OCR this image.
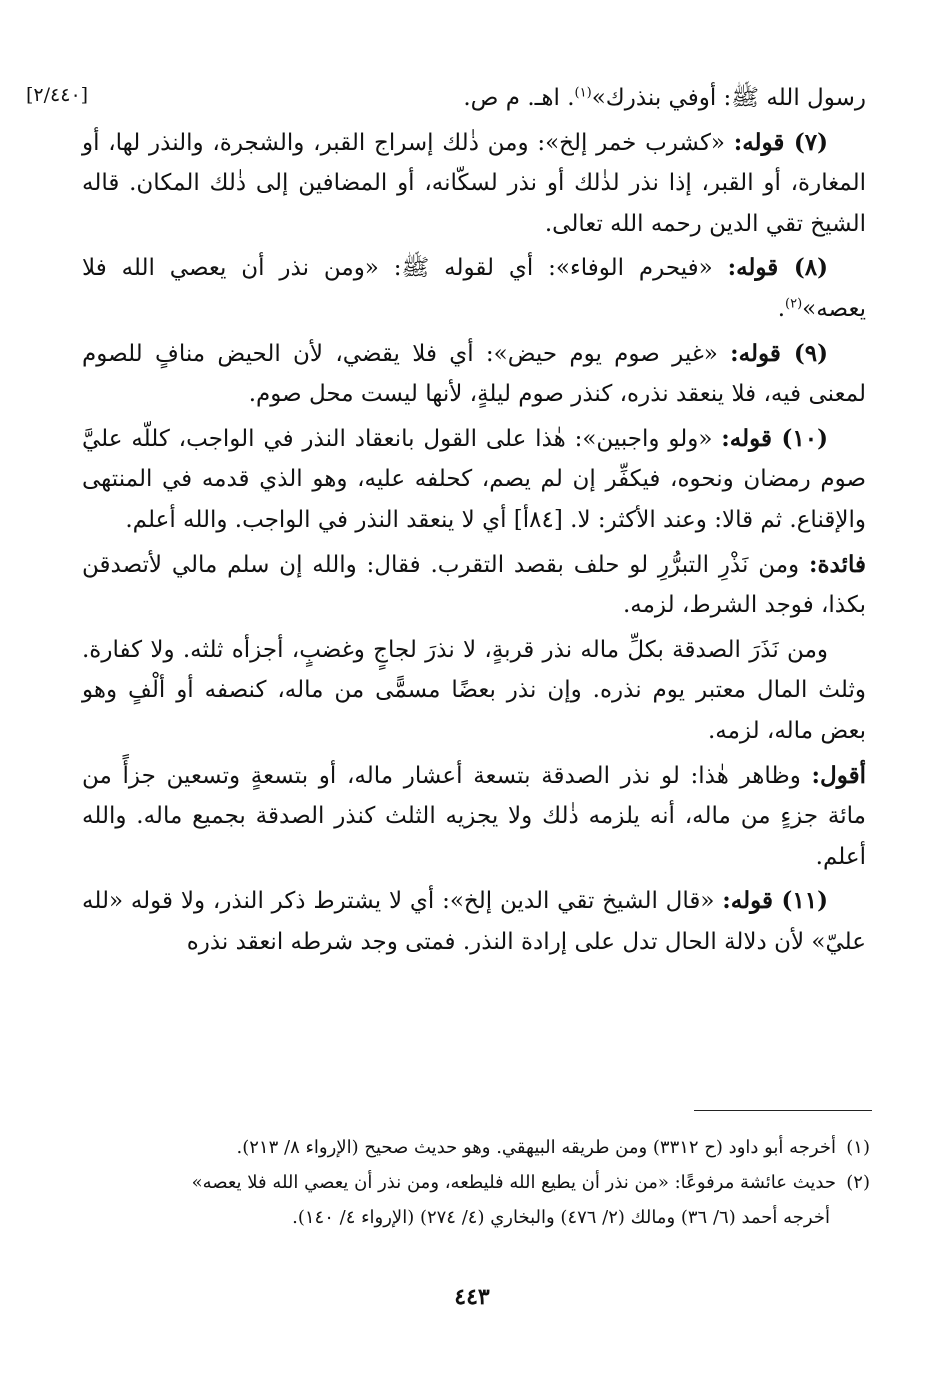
[٢/٤٤٠]	رسول الله ﷺ: أوفي بنذرك»$^{(١)}$. اهـ. م ص.

(٧) قوله: «كشرب خمر إلخ»: ومن ذٰلك إسراج القبر، والشجرة، والنذر لها، أو المغارة، أو القبر، إذا نذر لذٰلك أو نذر لسكّانه، أو المضافين إلى ذٰلك المكان. قاله الشيخ تقي الدين رحمه الله تعالى.

(٨) قوله: «فيحرم الوفاء»: أي لقوله ﷺ: «ومن نذر أن يعصي الله فلا يعصه»$^{(٢)}$.

(٩) قوله: «غير صوم يوم حيض»: أي فلا يقضي، لأن الحيض منافٍ للصوم لمعنى فيه، فلا ينعقد نذره، كنذر صوم ليلةٍ، لأنها ليست محل صوم.

(١٠) قوله: «ولو واجبين»: هٰذا على القول بانعقاد النذر في الواجب، كللّه عليَّ صوم رمضان ونحوه، فيكفِّر إن لم يصم، كحلفه عليه، وهو الذي قدمه في المنتهى والإقناع. ثم قالا: وعند الأكثر: لا. [٨٤أ] أي لا ينعقد النذر في الواجب. والله أعلم.

فائدة: ومن نَذْرِ التبرُّرِ لو حلف بقصد التقرب. فقال: والله إن سلم مالي لأتصدقن بكذا، فوجد الشرط، لزمه.

ومن نَذَرَ الصدقة بكلِّ ماله نذر قربةٍ، لا نذرَ لجاجٍ وغضبٍ، أجزأه ثلثه. ولا كفارة. وثلث المال معتبر يوم نذره. وإن نذر بعضًا مسمًّى من ماله، كنصفه أو ألْفٍ وهو بعض ماله، لزمه.

أقول: وظاهر هٰذا: لو نذر الصدقة بتسعة أعشار ماله، أو بتسعةٍ وتسعين جزأً من مائة جزءٍ من ماله، أنه يلزمه ذٰلك ولا يجزيه الثلث كنذر الصدقة بجميع ماله. والله أعلم.

(١١) قوله: «قال الشيخ تقي الدين إلخ»: أي لا يشترط ذكر النذر، ولا قوله «لله عليّ» لأن دلالة الحال تدل على إرادة النذر. فمتى وجد شرطه انعقد نذره

(١)أخرجه أبو داود (ح ٣٣١٢) ومن طريقه البيهقي. وهو حديث صحيح (الإرواء ٨/ ٢١٣).

(٢)حديث عائشة مرفوعًا: «من نذر أن يطيع الله فليطعه، ومن نذر أن يعصي الله فلا يعصه»

أخرجه أحمد (٦/ ٣٦) ومالك (٢/ ٤٧٦) والبخاري (٤/ ٢٧٤) (الإرواء ٤/ ١٤٠).

٤٤٣
